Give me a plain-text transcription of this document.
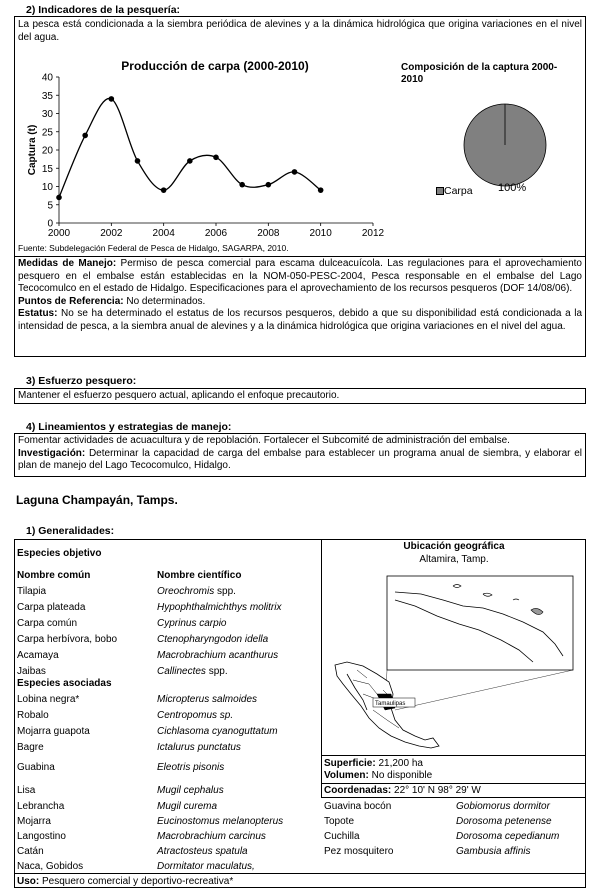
2) Indicadores de la pesquería:

La pesca está condicionada a la siembra periódica de alevines y a la dinámica hidrológica que origina variaciones en el nivel del agua.

0
5
10
15
20
25
30
35
40
2000	2002	2004	2006	2008	2010	2012
Producción de carpa (2000-2010)
Captura (t)
Composición de la captura 2000-2010
Carpa 100%
Fuente: Subdelegación Federal de Pesca de Hidalgo, SAGARPA, 2010.

Medidas de Manejo: Permiso de pesca comercial para escama dulceacuícola. Las regulaciones para el aprovechamiento pesquero en el embalse están establecidas en la NOM-050-PESC-2004, Pesca responsable en el embalse del Lago Tecocomulco en el estado de Hidalgo. Especificaciones para el aprovechamiento de los recursos pesqueros (DOF 14/08/06).

Puntos de Referencia: No determinados.

Estatus: No se ha determinado el estatus de los recursos pesqueros, debido a que su disponibilidad está condicionada a la intensidad de pesca, a la siembra anual de alevines y a la dinámica hidrológica que origina variaciones en el nivel del agua.

3) Esfuerzo pesquero:

Mantener el esfuerzo pesquero actual, aplicando el enfoque precautorio.

4) Lineamientos y estrategias de manejo:

Fomentar actividades de acuacultura y de repoblación. Fortalecer el Subcomité de administración del embalse.

Investigación: Determinar la capacidad de carga del embalse para establecer un programa anual de siembra, y elaborar el plan de manejo del Lago Tecocomulco, Hidalgo.

Laguna Champayán, Tamps.
1) Generalidades:
Especies objetivo
Nombre común	Nombre científico
Tilapia	Oreochromis spp.
Carpa plateada	Hypophthalmichthys molitrix
Carpa común	Cyprinus carpio
Carpa herbívora, bobo	Ctenopharyngodon idella
Acamaya	Macrobrachium acanthurus
Jaibas	Callinectes spp.
Especies asociadas
Lobina negra*	Micropterus salmoides
Robalo	Centropomus sp.
Mojarra guapota	Cichlasoma cyanoguttatum
Bagre	Ictalurus punctatus
Guabina	Eleotris pisonis
Lisa	Mugil cephalus
Lebrancha	Mugil curema
Mojarra	Eucinostomus melanopterus
Langostino	Macrobrachium carcinus
Catán	Atractosteus spatula
Naca, Gobidos	Dormitator maculatus,
Guavina bocón	Gobiomorus dormitor
Topote	Dorosoma petenense
Cuchilla	Dorosoma cepedianum
Pez mosquitero	Gambusia affinis
Ubicación geográfica
Altamira, Tamp.
Tamaulipas
Superficie: 21,200 ha
Volumen: No disponible
Coordenadas: 22° 10' N 98° 29' W
Uso: Pesquero comercial y deportivo-recreativa*
